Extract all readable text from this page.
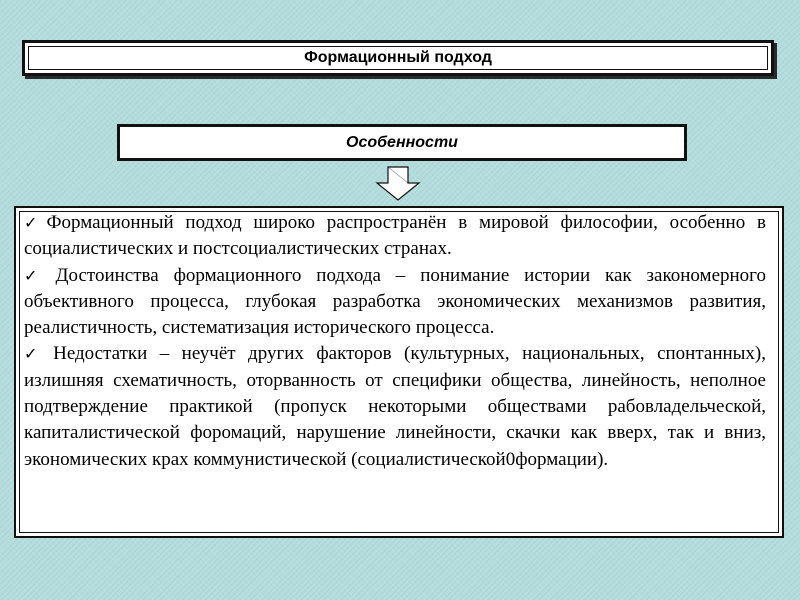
Формационный подход
Особенности

✓ Формационный подход широко распространён в мировой философии, особенно в социалистических и постсоциалистических странах.

✓ Достоинства формационного подхода – понимание истории как закономерного объективного процесса, глубокая разработка экономических механизмов развития, реалистичность, систематизация исторического процесса.

✓ Недостатки – неучёт других факторов (культурных, национальных, спонтанных), излишняя схематичность, оторванность от специфики общества, линейность, неполное подтверждение практикой (пропуск некоторыми обществами рабовладельческой, капиталистической форомаций, нарушение линейности, скачки как вверх, так и вниз, экономических крах коммунистической (социалистической0формации).
